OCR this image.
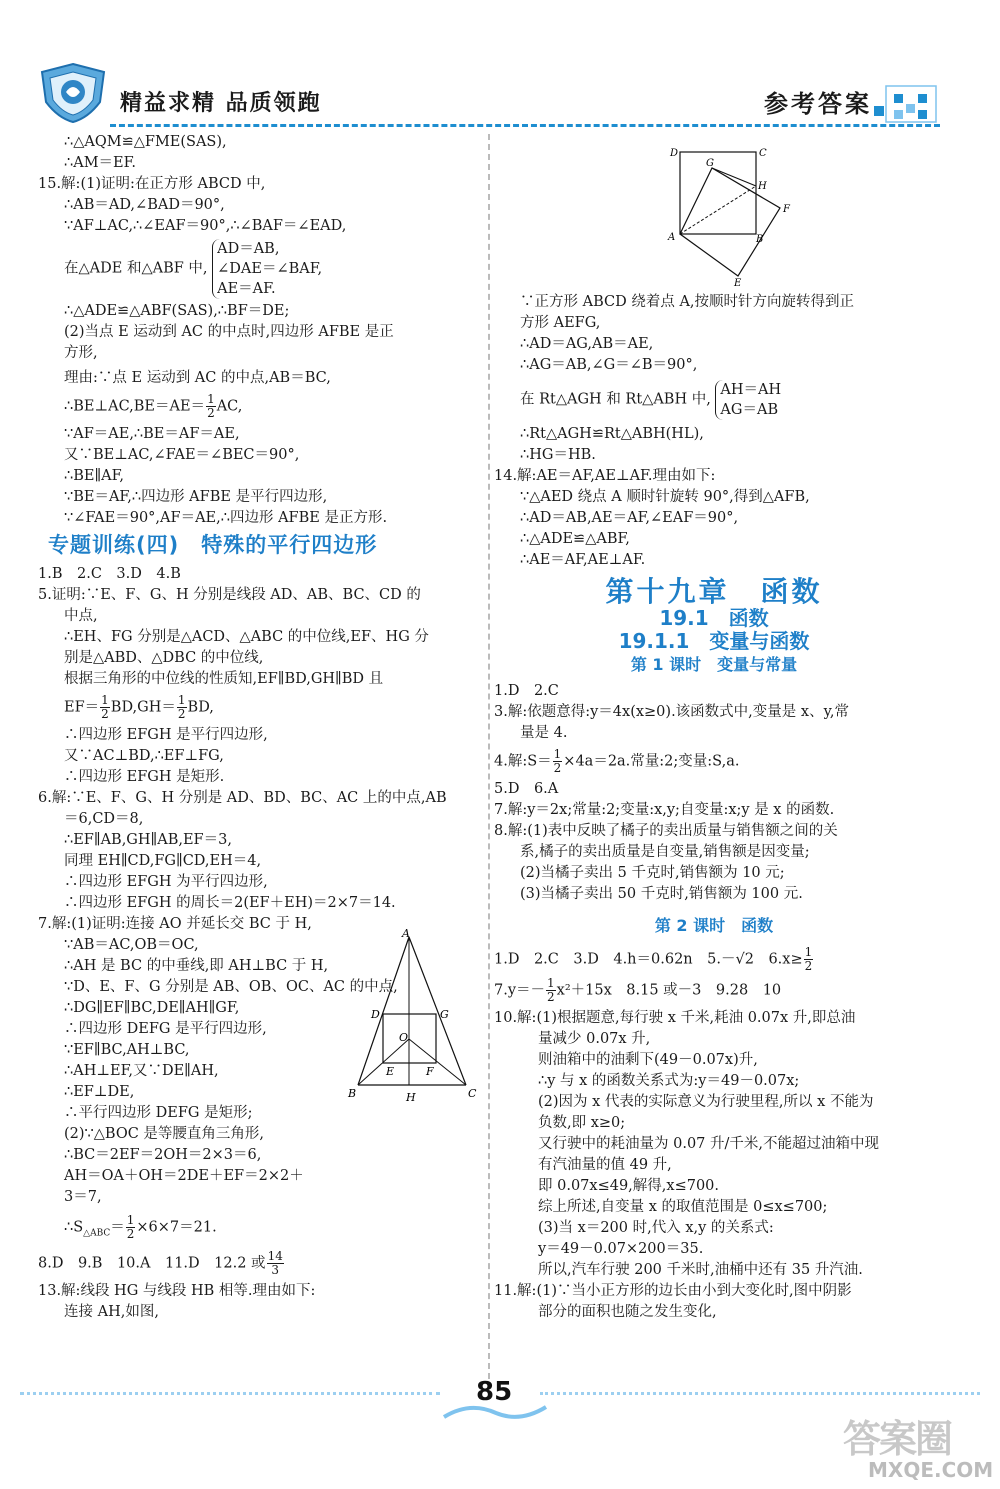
精益求精 品质领跑	参考答案
∴△AQM≌△FME(SAS),
∴AM＝EF.
15.解:(1)证明:在正方形 ABCD 中,
∴AB＝AD,∠BAD＝90°,
∵AF⊥AC,∴∠EAF＝90°,∴∠BAF＝∠EAD,
在△ADE 和△ABF 中,
AD＝AB,
∠DAE＝∠BAF,
AE＝AF.
∴△ADE≌△ABF(SAS),∴BF＝DE;
(2)当点 E 运动到 AC 的中点时,四边形 AFBE 是正
方形,
理由:∵点 E 运动到 AC 的中点,AB＝BC,
∴BE⊥AC,BE＝AE＝ $\frac{1}{2}$ AC,
∵AF＝AE,∴BE＝AF＝AE,
又∵BE⊥AC,∠FAE＝∠BEC＝90°,
∴BE∥AF,
∵BE＝AF,∴四边形 AFBE 是平行四边形,
∵∠FAE＝90°,AF＝AE,∴四边形 AFBE 是正方形.
专题训练(四)　特殊的平行四边形
1.B　2.C　3.D　4.B
5.证明:∵E、F、G、H 分别是线段 AD、AB、BC、CD 的
中点,
∴EH、FG 分别是△ACD、△ABC 的中位线,EF、HG 分
别是△ABD、△DBC 的中位线,
根据三角形的中位线的性质知,EF∥BD,GH∥BD 且
$EF= \frac{1}{2} BD,GH= \frac{1}{2}$ BD,
∴四边形 EFGH 是平行四边形,
又∵AC⊥BD,∴EF⊥FG,
∴四边形 EFGH 是矩形.
6.解:∵E、F、G、H 分别是 AD、BD、BC、AC 上的中点,AB
＝6,CD＝8,
∴EF∥AB,GH∥AB,EF＝3,
同理 EH∥CD,FG∥CD,EH＝4,
∴四边形 EFGH 为平行四边形,
∴四边形 EFGH 的周长＝2(EF＋EH)＝2×7＝14.
7.解:(1)证明:连接 AO 并延长交 BC 于 H,
∵AB＝AC,OB＝OC,
∴AH 是 BC 的中垂线,即 AH⊥BC 于 H,
∵D、E、F、G 分别是 AB、OB、OC、AC 的中点,
∴DG∥EF∥BC,DE∥AH∥GF,
∴四边形 DEFG 是平行四边形,
∵EF∥BC,AH⊥BC,
∴AH⊥EF,又∵DE∥AH,
∴EF⊥DE,
∴平行四边形 DEFG 是矩形;
(2)∵△BOC 是等腰直角三角形,
∴BC＝2EF＝2OH＝2×3＝6,
AH＝OA＋OH＝2DE＋EF＝2×2＋
3＝7,
$\therefore S_{\triangle ABC}= \frac{1}{2} \times 6\times 7=21$.
A
D	G
O
E	F
B	H	C
8.D　9.B　10.A　11.D　12.2 或 $\frac{14}{3}$
13.解:线段 HG 与线段 HB 相等.理由如下:
连接 AH,如图,
D	C
G
H
A	B
F
E
∵正方形 ABCD 绕着点 A,按顺时针方向旋转得到正
方形 AEFG,
∴AD＝AG,AB＝AE,
∴AG＝AB,∠G＝∠B＝90°,
在 Rt△AGH 和 Rt△ABH 中,
AH＝AH
AG＝AB
∴Rt△AGH≌Rt△ABH(HL),
∴HG＝HB.
14.解:AE＝AF,AE⊥AF.理由如下:
∵△AED 绕点 A 顺时针旋转 90°,得到△AFB,
∴AD＝AB,AE＝AF,∠EAF＝90°,
∴△ADE≌△ABF,
∴AE＝AF,AE⊥AF.
第十九章　函数
19.1　函数
19.1.1　变量与函数
第 1 课时　变量与常量
1.D　2.C
3.解:依题意得:y＝4x(x≥0).该函数式中,变量是 x、y,常
量是 4.
4.解:S＝ $\frac{1}{2} \times 4a=2a$.常量:2;变量:S,a.
5.D　6.A
7.解:y＝2x;常量:2;变量:x,y;自变量:x;y 是 x 的函数.
8.解:(1)表中反映了橘子的卖出质量与销售额之间的关
系,橘子的卖出质量是自变量,销售额是因变量;
(2)当橘子卖出 5 千克时,销售额为 10 元;
(3)当橘子卖出 50 千克时,销售额为 100 元.
第 2 课时　函数
1.D　2.C　3.D　4.h＝0.62n　5.－√2　$6.x\ge \frac{1}{2}$
$7.y=- \frac{1}{2} x^2+15x$　8.15 或－3　9.28　10
10.解:(1)根据题意,每行驶 x 千米,耗油 0.07x 升,即总油
量减少 0.07x 升,
则油箱中的油剩下(49－0.07x)升,
∴y 与 x 的函数关系式为:y＝49－0.07x;
(2)因为 x 代表的实际意义为行驶里程,所以 x 不能为
负数,即 x≥0;
又行驶中的耗油量为 0.07 升/千米,不能超过油箱中现
有汽油量的值 49 升,
即 0.07x≤49,解得,x≤700.
综上所述,自变量 x 的取值范围是 0≤x≤700;
(3)当 x＝200 时,代入 x,y 的关系式:
y＝49－0.07×200＝35.
所以,汽车行驶 200 千米时,油桶中还有 35 升汽油.
11.解:(1)∵当小正方形的边长由小到大变化时,图中阴影
部分的面积也随之发生变化,
85
答案圈
MXQE.COM
